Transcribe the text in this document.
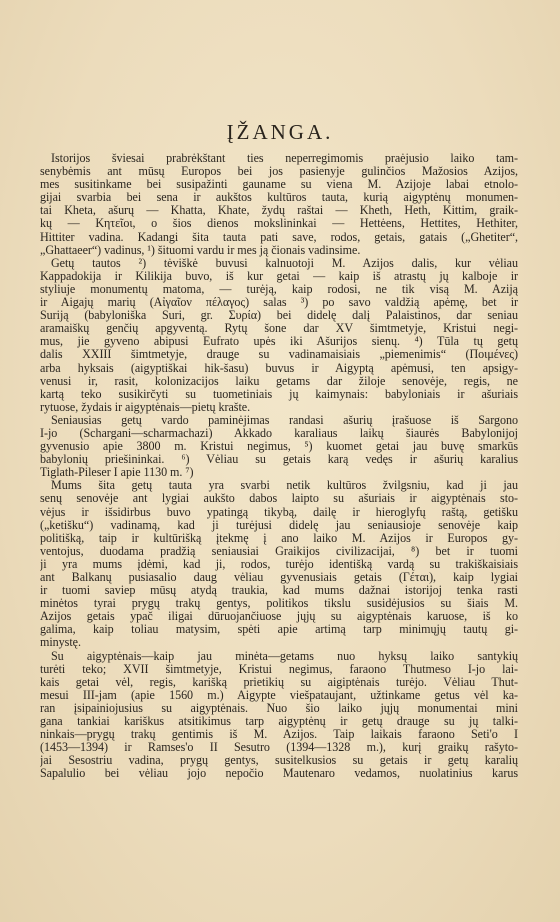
ĮŽANGA.
Istorijos šviesai prabrėkštant ties neperregimomis praėjusio laiko tam-
senybėmis ant mūsų Europos bei jos pasienyje gulinčios Mažosios Azijos,
mes susitinkame bei susipažinti gauname su viena M. Azijoje labai etnolo-
gijai svarbia bei sena ir aukštos kultūros tauta, kurią aigyptėnų monumen-
tai Kheta, ašurų — Khatta, Khate, žydų raštai — Kheth, Heth, Kittim, graik-
kų — Κητεῖοι, o šios dienos mokslininkai — Hettėens, Hettites, Hethiter,
Hittiter vadina. Kadangi šita tauta pati save, rodos, getais, gatais („Ghetiter“,
„Ghattaeer“) vadinus, ¹) šituomi vardu ir mes ją čionais vadinsime.
Getų tautos ²) tėviškė buvusi kalnuotoji M. Azijos dalis, kur vėliau
Kappadokija ir Kilikija buvo, iš kur getai — kaip iš atrastų jų kalboje ir
styliuje monumentų matoma, — turėją, kaip rodosi, ne tik visą M. Aziją
ir Aigajų marių (Αἰγαῖον πέλαγος) salas ³) po savo valdžią apėmę, bet ir
Suriją (babyloniška Suri, gr. Συρία) bei didelę dalį Palaistinos, dar seniau
aramaiškų genčių apgyventą. Rytų šone dar XV šimtmetyje, Kristui negi-
mus, jie gyveno abipusi Eufrato upės iki Ašurijos sienų. ⁴) Tūla tų getų
dalis XXIII šimtmetyje, drauge su vadinamaisiais „piemenimis“ (Ποιμένες)
arba hyksais (aigyptiškai hik-šasu) buvus ir Aigyptą apėmusi, ten apsigy-
venusi ir, rasit, kolonizacijos laiku getams dar žiloje senovėje, regis, ne
kartą teko susikirčyti su tuometiniais jų kaimynais: babyloniais ir ašuriais
rytuose, žydais ir aigyptėnais—pietų krašte.
Seniausias getų vardo paminėjimas randasi ašurių įrašuose iš Sargono
I-jo (Schargani—scharmachazi) Akkado karaliaus laikų šiaurės Babylonijoj
gyvenusio apie 3800 m. Kristui negimus, ⁵) kuomet getai jau buvę smarkūs
babylonių priešininkai. ⁶) Vėliau su getais karą vedęs ir ašurių karalius
Tiglath-Pileser I apie 1130 m. ⁷)
Mums šita getų tauta yra svarbi netik kultūros žvilgsniu, kad ji jau
senų senovėje ant lygiai aukšto dabos laipto su ašuriais ir aigyptėnais sto-
vėjus ir išsidirbus buvo ypatingą tikybą, dailę ir hieroglyfų raštą, getišku
(„ketišku“) vadinamą, kad ji turėjusi didelę jau seniausioje senovėje kaip
politišką, taip ir kultūrišką įtekmę į ano laiko M. Azijos ir Europos gy-
ventojus, duodama pradžią seniausiai Graikijos civilizacijai, ⁸) bet ir tuomi
ji yra mums įdėmi, kad ji, rodos, turėjo identišką vardą su trakiškaisiais
ant Balkanų pusiasalio daug vėliau gyvenusiais getais (Γέται), kaip lygiai
ir tuomi saviep mūsų atydą traukia, kad mums dažnai istorijoj tenka rasti
minėtos tyrai prygų trakų gentys, politikos tikslu susidėjusios su šiais M.
Azijos getais ypač iligai dūruojančiuose jųjų su aigyptėnais karuose, iš ko
galima, kaip toliau matysim, spėti apie artimą tarp minimųjų tautų gi-
minystę.
Su aigyptėnais—kaip jau minėta—getams nuo hyksų laiko santykių
turėti teko; XVII šimtmetyje, Kristui negimus, faraono Thutmeso I-jo lai-
kais getai vėl, regis, karišką prietikių su aigiptėnais turėjo. Vėliau Thut-
mesui III-jam (apie 1560 m.) Aigypte viešpataujant, užtinkame getus vėl ka-
ran įsipainiojusius su aigyptėnais. Nuo šio laiko jųjų monumentai mini
gana tankiai kariškus atsitikimus tarp aigyptėnų ir getų drauge su jų talki-
ninkais—prygų trakų gentimis iš M. Azijos. Taip laikais faraono Seti'o I
(1453—1394) ir Ramses'o II Sesutro (1394—1328 m.), kurį graikų rašyto-
jai Sesostriu vadina, prygų gentys, susitelkusios su getais ir getų karalių
Sapalulio bei vėliau jojo nepočio Mautenaro vedamos, nuolatinius karus
